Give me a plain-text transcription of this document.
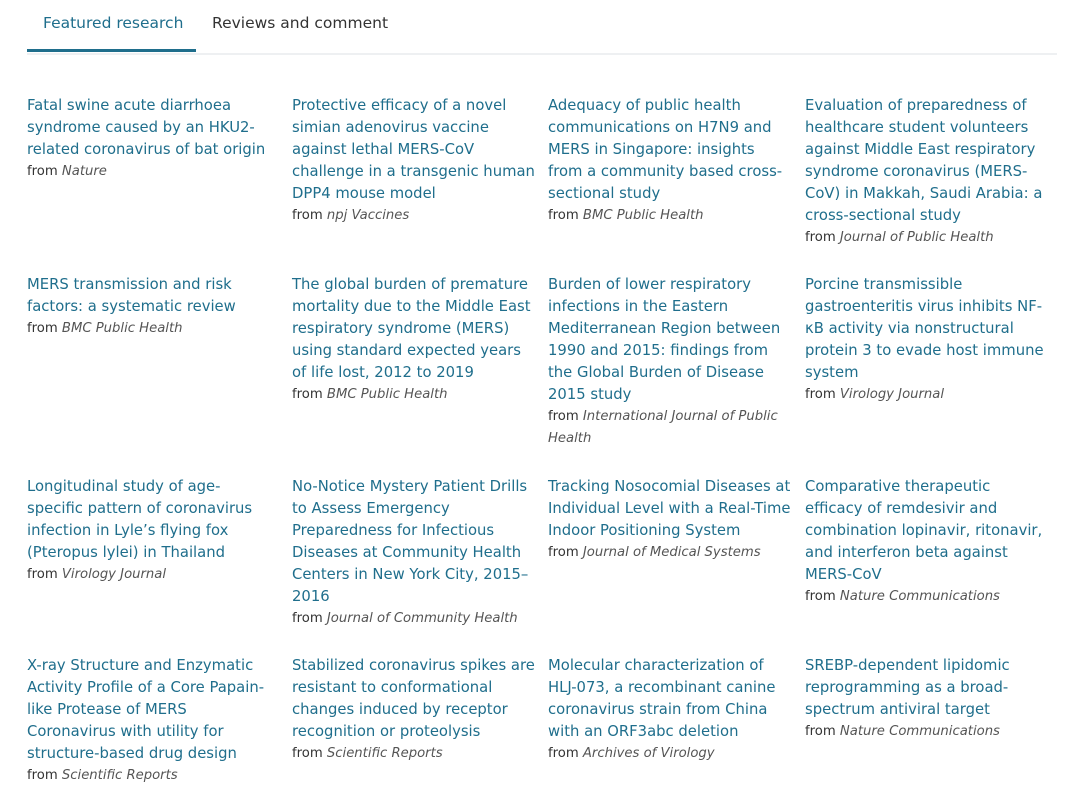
Featured research Reviews and comment
Fatal swine acute diarrhoea syndrome caused by an HKU2-related coronavirus of bat origin
from Nature
Protective efficacy of a novel simian adenovirus vaccine against lethal MERS-CoV challenge in a transgenic human DPP4 mouse model
from npj Vaccines
Adequacy of public health communications on H7N9 and MERS in Singapore: insights from a community based cross-sectional study
from BMC Public Health
Evaluation of preparedness of healthcare student volunteers against Middle East respiratory syndrome coronavirus (MERS-CoV) in Makkah, Saudi Arabia: a cross-sectional study
from Journal of Public Health
MERS transmission and risk factors: a systematic review
from BMC Public Health
The global burden of premature mortality due to the Middle East respiratory syndrome (MERS) using standard expected years of life lost, 2012 to 2019
from BMC Public Health
Burden of lower respiratory infections in the Eastern Mediterranean Region between 1990 and 2015: findings from the Global Burden of Disease 2015 study
from International Journal of Public Health
Porcine transmissible gastroenteritis virus inhibits NF-κB activity via nonstructural protein 3 to evade host immune system
from Virology Journal
Longitudinal study of age-specific pattern of coronavirus infection in Lyle’s flying fox (Pteropus lylei) in Thailand
from Virology Journal
No-Notice Mystery Patient Drills to Assess Emergency Preparedness for Infectious Diseases at Community Health Centers in New York City, 2015–2016
from Journal of Community Health
Tracking Nosocomial Diseases at Individual Level with a Real-Time Indoor Positioning System
from Journal of Medical Systems
Comparative therapeutic efficacy of remdesivir and combination lopinavir, ritonavir, and interferon beta against MERS-CoV
from Nature Communications
X-ray Structure and Enzymatic Activity Profile of a Core Papain-like Protease of MERS Coronavirus with utility for structure-based drug design
from Scientific Reports
Stabilized coronavirus spikes are resistant to conformational changes induced by receptor recognition or proteolysis
from Scientific Reports
Molecular characterization of HLJ-073, a recombinant canine coronavirus strain from China with an ORF3abc deletion
from Archives of Virology
SREBP-dependent lipidomic reprogramming as a broad-spectrum antiviral target
from Nature Communications
